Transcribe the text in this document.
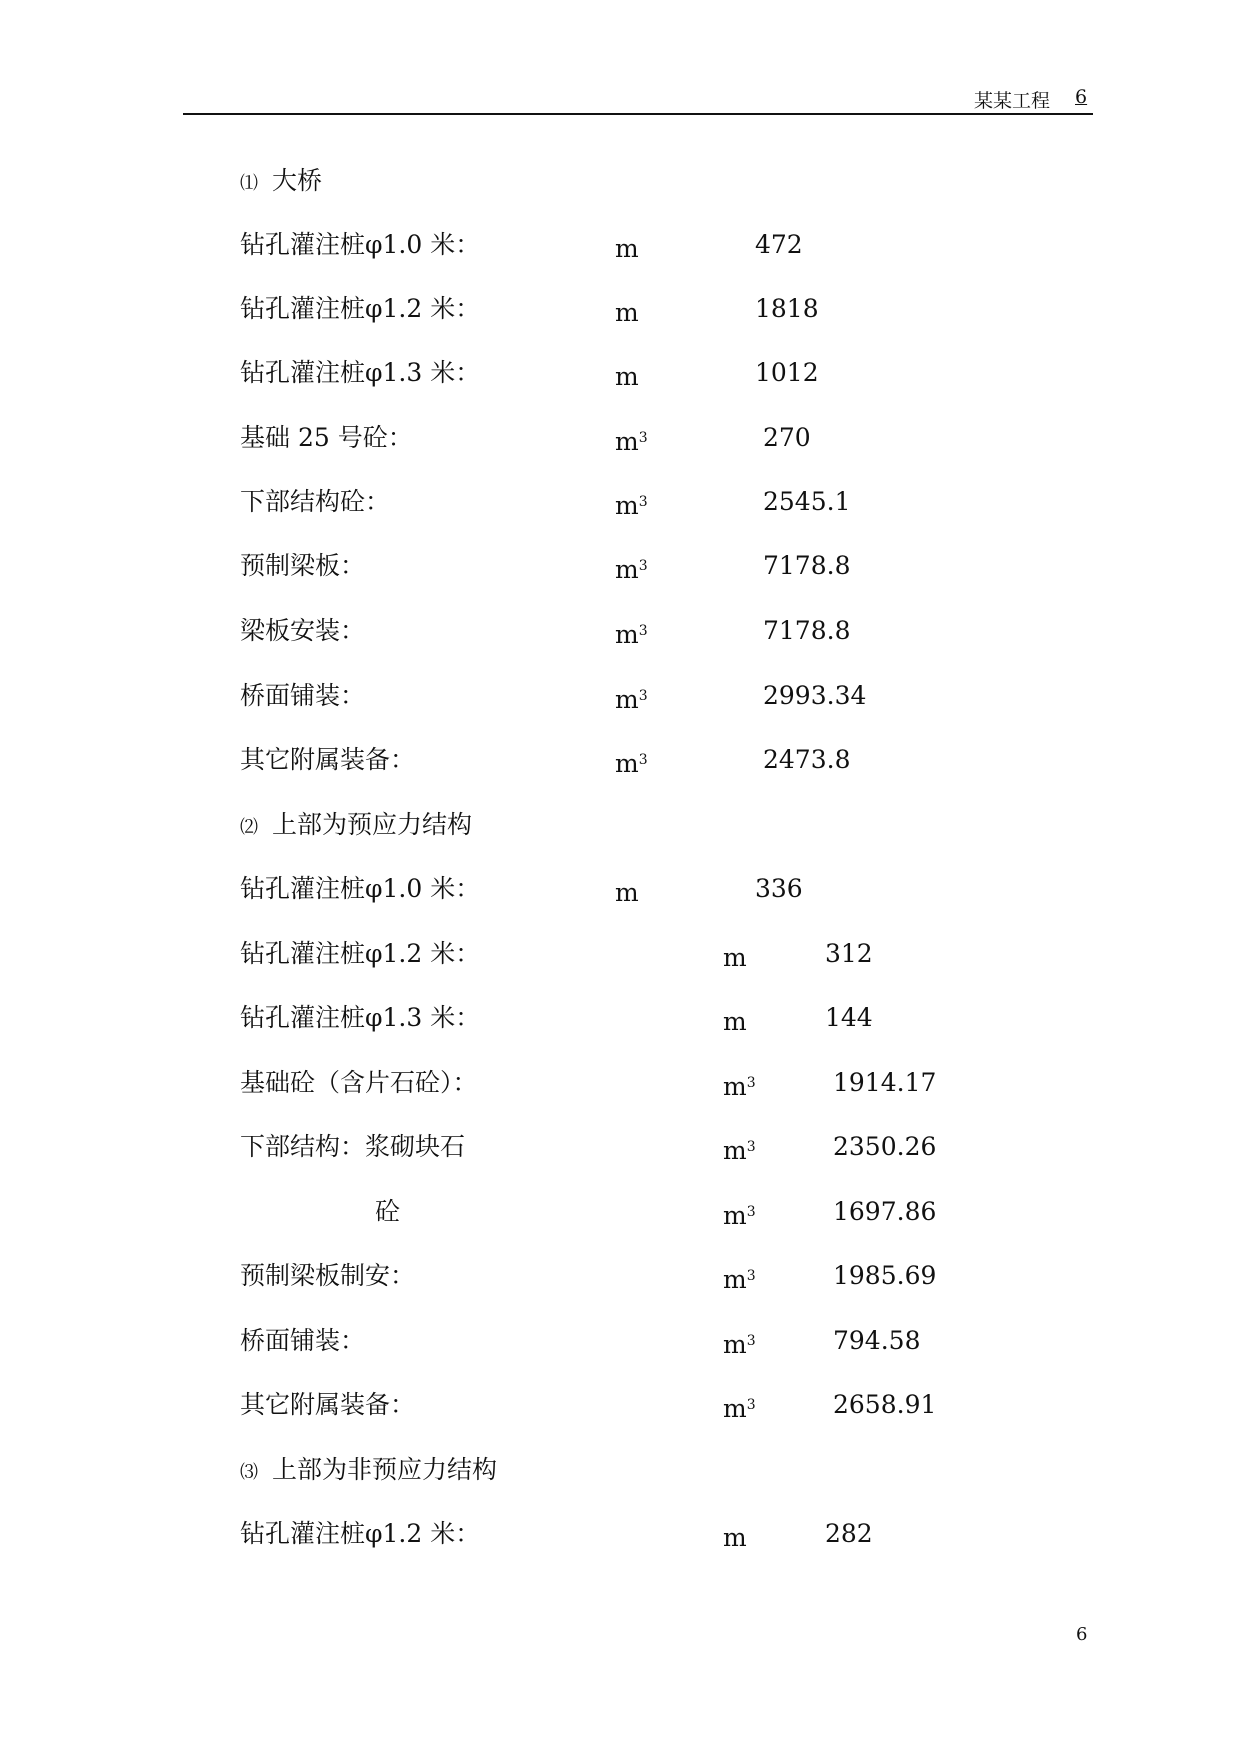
某某工程 6
⑴ 大桥
钻孔灌注桩φ1.0 米：	m	472
钻孔灌注桩φ1.2 米：	m	1818
钻孔灌注桩φ1.3 米：	m	1012
基础 25 号砼：	$m^3$	270
下部结构砼：	$m^3$	2545.1
预制梁板：	$m^3$	7178.8
梁板安装：	$m^3$	7178.8
桥面铺装：	$m^3$	2993.34
其它附属装备：	$m^3$	2473.8
⑵ 上部为预应力结构
钻孔灌注桩φ1.0 米：	m	336
钻孔灌注桩φ1.2 米：	m	312
钻孔灌注桩φ1.3 米：	m	144
基础砼（含片石砼）：	$m^3$	1914.17
下部结构：浆砌块石	$m^3$	2350.26
砼	$m^3$	1697.86
预制梁板制安：	$m^3$	1985.69
桥面铺装：	$m^3$	794.58
其它附属装备：	$m^3$	2658.91
⑶ 上部为非预应力结构
钻孔灌注桩φ1.2 米：	m	282
6
